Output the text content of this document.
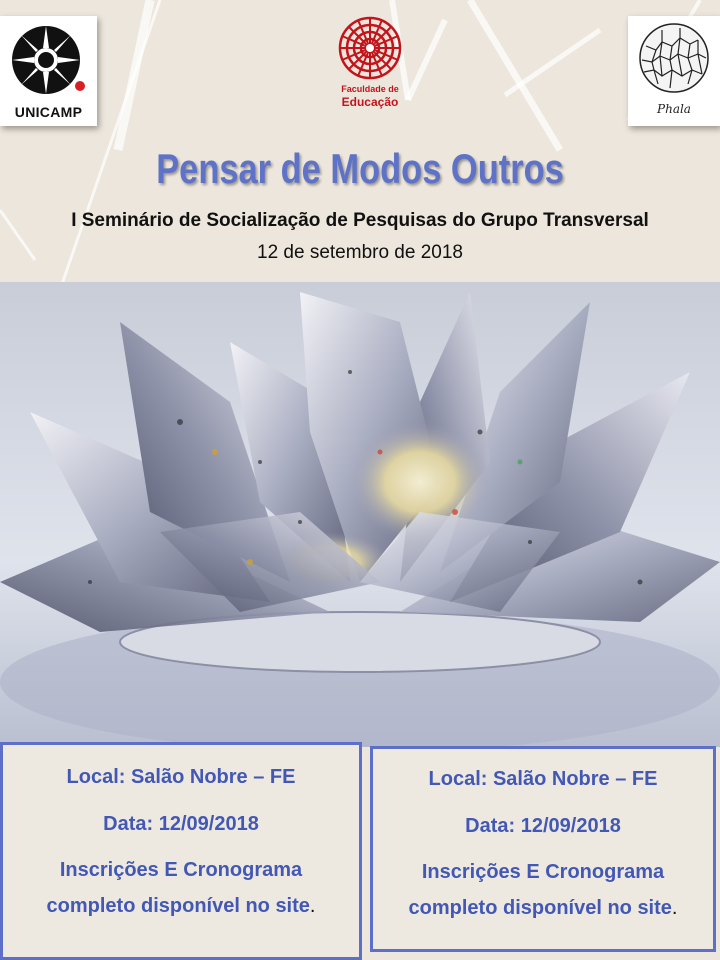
UNICAMP
Faculdade de
Educação	Phala
Pensar de Modos Outros
I Seminário de Socialização de Pesquisas do Grupo Transversal
12 de setembro de 2018
Local: Salão Nobre – FE
Data: 12/09/2018
Inscrições E Cronograma
completo disponível no site.
Local: Salão Nobre – FE
Data: 12/09/2018
Inscrições E Cronograma
completo disponível no site.
